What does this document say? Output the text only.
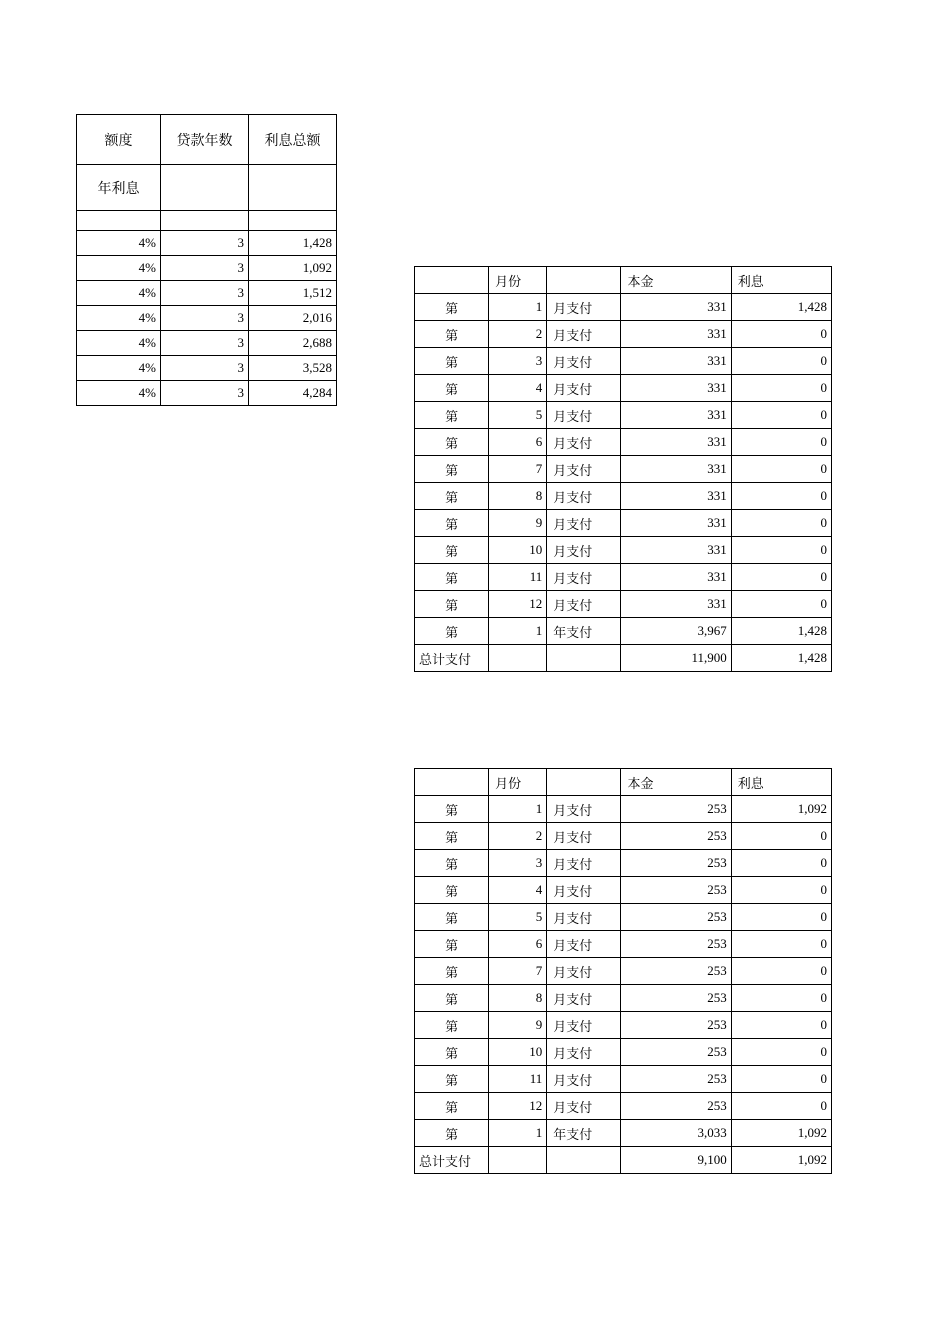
额度	贷款年数	利息总额
年利息		

4%	3	1,428
4%	3	1,092
4%	3	1,512
4%	3	2,016
4%	3	2,688
4%	3	3,528
4%	3	4,284
	月份		本金	利息
第	1	月支付	331	1,428
第	2	月支付	331	0
第	3	月支付	331	0
第	4	月支付	331	0
第	5	月支付	331	0
第	6	月支付	331	0
第	7	月支付	331	0
第	8	月支付	331	0
第	9	月支付	331	0
第	10	月支付	331	0
第	11	月支付	331	0
第	12	月支付	331	0
第	1	年支付	3,967	1,428
总计支付			11,900	1,428
	月份		本金	利息
第	1	月支付	253	1,092
第	2	月支付	253	0
第	3	月支付	253	0
第	4	月支付	253	0
第	5	月支付	253	0
第	6	月支付	253	0
第	7	月支付	253	0
第	8	月支付	253	0
第	9	月支付	253	0
第	10	月支付	253	0
第	11	月支付	253	0
第	12	月支付	253	0
第	1	年支付	3,033	1,092
总计支付			9,100	1,092
